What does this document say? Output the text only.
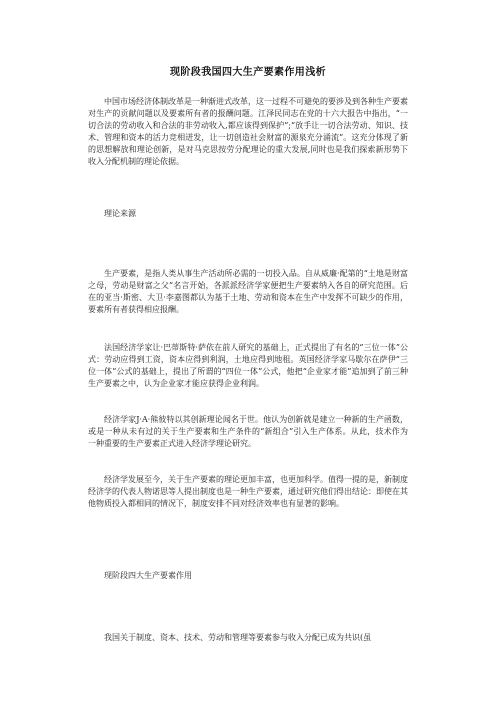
现阶段我国四大生产要素作用浅析

中国市场经济体制改革是一种渐进式改革，这一过程不可避免的要涉及到各种生产要素对生产的贡献问题以及要素所有者的报酬问题。江泽民同志在党的十六大报告中指出，“一切合法的劳动收入和合法的非劳动收入,都应该得到保护”;“放手让一切合法劳动、知识、技术、管理和资本的活力竞相迸发，让一切创造社会财富的源泉充分涌流”。这充分体现了新的思想解放和理论创新，是对马克思按劳分配理论的重大发展,同时也是我们探索新形势下收入分配机制的理论依据。

理论来源

生产要素，是指人类从事生产活动所必需的一切投入品。自从威廉·配第的“土地是财富之母，劳动是财富之父”名言开始，各派派经济学家便把生产要素纳入各自的研究范围。后在的亚当·斯密、大卫·李嘉图都认为基于土地、劳动和资本在生产中发挥不可缺少的作用，要素所有者获得相应报酬。

法国经济学家让·巴蒂斯特·萨依在前人研究的基础上，正式提出了有名的“三位一体”公式：劳动应得到工资，资本应得到利润，土地应得到地租。英国经济学家马歇尔在萨伊“三位一体”公式的基础上，提出了所谓的“四位一体”公式，他把“企业家才能”追加到了前三种生产要素之中，认为企业家才能应获得企业利润。

经济学家J·A·熊彼特以其创新理论闻名于世。他认为创新就是建立一种新的生产函数，或是一种从未有过的关于生产要素和生产条件的“新组合”引入生产体系。从此，技术作为一种重要的生产要素正式进入经济学理论研究。

经济学发展至今，关于生产要素的理论更加丰富，也更加科学。值得一提的是，新制度经济学的代表人物诺思等人提出制度也是一种生产要素，通过研究他们得出结论：即使在其他物质投入都相同的情况下，制度安排不同对经济效率也有显著的影响。

现阶段四大生产要素作用

我国关于制度、资本、技术、劳动和管理等要素参与收入分配已成为共识(虽
